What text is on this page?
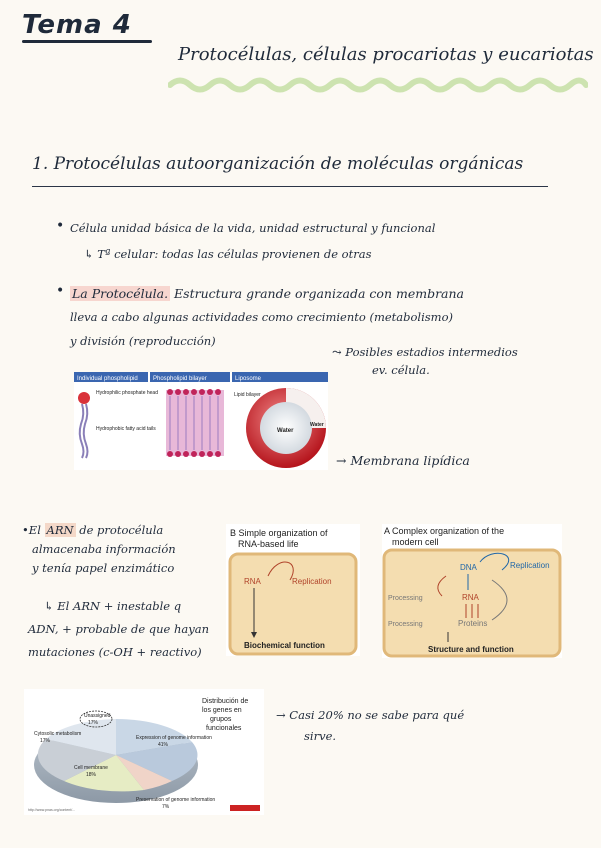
Tema 4
Protocélulas, células procariotas y eucariotas
1. Protocélulas autoorganización de moléculas orgánicas
• Célula unidad básica de la vida, unidad estructural y funcional
↳ Tª celular: todas las células provienen de otras
• La Protocélula. Estructura grande organizada con membrana
lleva a cabo algunas actividades como crecimiento (metabolismo)
y división (reproducción)
⤳ Posibles estadios intermedios
ev. célula.
Individual phospholipid	Phospholipid bilayer	Liposome
Hydrophilic phosphate head
Hydrophobic fatty acid tails
Lipid bilayer
Water
Water
→ Membrana lipídica
•El ARN de protocélula
almacenaba información
y tenía papel enzimático
↳ El ARN + inestable q
ADN, + probable de que hayan
mutaciones (c-OH + reactivo)
B Simple organization of
RNA-based life
RNA	Replication
Biochemical function
A Complex organization of the
modern cell
DNA	Replication
Processing	RNA
Processing	Proteins
Structure and function
Unassigned
17%
Expression of genome information
41%
Preservation of genome information
7%
Cell membrane
18%
Cytosolic metabolism
17%
Distribución de
los genes en
grupos
funcionales
http://www.pnas.org/content/...
→ Casi 20% no se sabe para qué
sirve.
